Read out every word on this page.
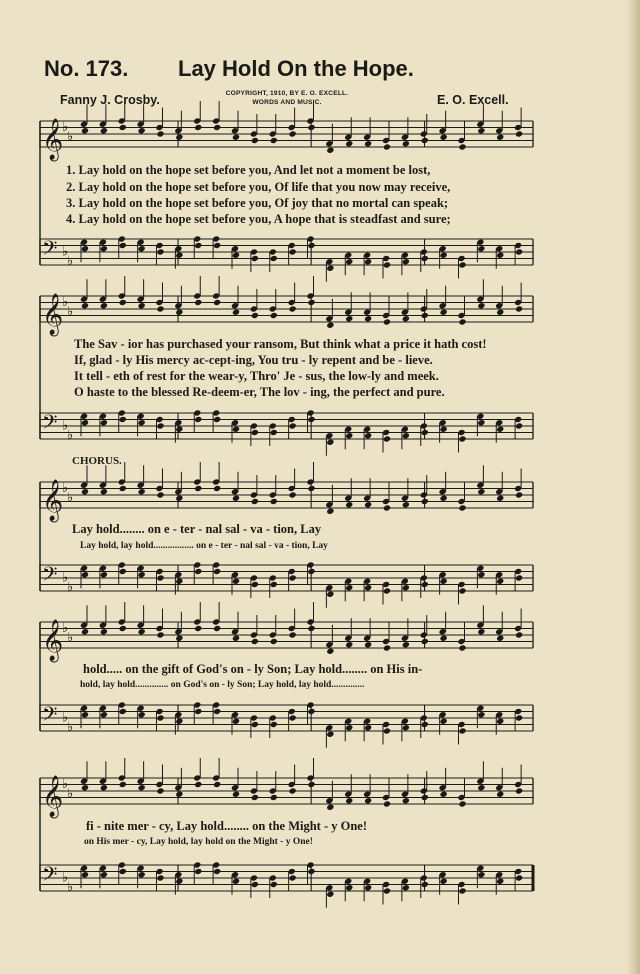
No. 173. Lay Hold On the Hope.
Fanny J. Crosby.	COPYRIGHT, 1910, BY E. O. EXCELL.
WORDS AND MUSIC.	E. O. Excell.
𝄞
♭
♭
𝄢 ♭
♭
𝄞
♭
♭
𝄢 ♭
♭
𝄞
♭
♭
𝄢 ♭
♭
𝄞
♭
♭
𝄢 ♭
♭
𝄞
♭
♭
𝄢 ♭
♭
1. Lay hold on the hope set before you, And let not a moment be lost,
2. Lay hold on the hope set before you, Of life that you now may receive,
3. Lay hold on the hope set before you, Of joy that no mortal can speak;
4. Lay hold on the hope set before you, A hope that is steadfast and sure;
The Sav - ior has purchased your ransom, But think what a price it hath cost!
If, glad - ly His mercy ac-cept-ing, You tru - ly repent and be - lieve.
It tell - eth of rest for the wear-y, Thro' Je - sus, the low-ly and meek.
O haste to the blessed Re-deem-er, The lov - ing, the perfect and pure.
CHORUS.
Lay hold........ on e - ter - nal sal - va - tion, Lay
Lay hold, lay hold................. on e - ter - nal sal - va - tion, Lay
hold..... on the gift of God's on - ly Son; Lay hold........ on His in-
hold, lay hold.............. on God's on - ly Son; Lay hold, lay hold..............
fi - nite mer - cy, Lay hold........ on the Might - y One!
on His mer - cy, Lay hold, lay hold on the Might - y One!
